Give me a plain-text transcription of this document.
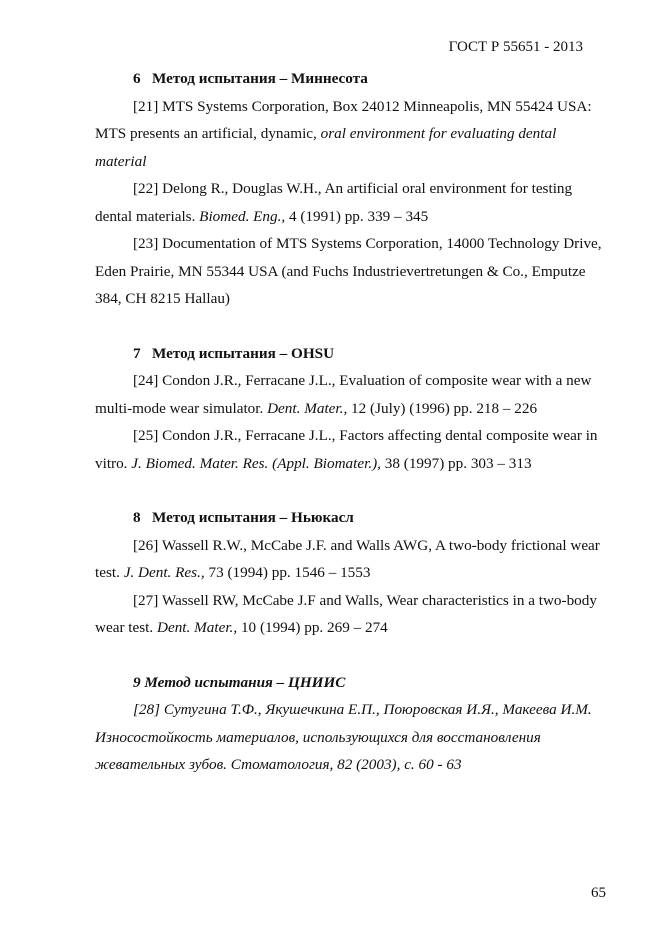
ГОСТ Р 55651 - 2013

6 Метод испытания – Миннесота

[21] MTS Systems Corporation, Box 24012 Minneapolis, MN 55424 USA: MTS presents an artificial, dynamic, oral environment for evaluating dental material

[22] Delong R., Douglas W.H., An artificial oral environment for testing dental materials. Biomed. Eng., 4 (1991) pp. 339 – 345

[23] Documentation of MTS Systems Corporation, 14000 Technology Drive, Eden Prairie, MN 55344 USA (and Fuchs Industrievertretungen & Co., Emputze 384, CH 8215 Hallau)

7 Метод испытания – OHSU

[24] Condon J.R., Ferracane J.L., Evaluation of composite wear with a new multi-mode wear simulator. Dent. Mater., 12 (July) (1996) pp. 218 – 226

[25] Condon J.R., Ferracane J.L., Factors affecting dental composite wear in vitro. J. Biomed. Mater. Res. (Appl. Biomater.), 38 (1997) pp. 303 – 313

8 Метод испытания – Ньюкасл

[26] Wassell R.W., McCabe J.F. and Walls AWG, A two-body frictional wear test. J. Dent. Res., 73 (1994) pp. 1546 – 1553

[27] Wassell RW, McCabe J.F and Walls, Wear characteristics in a two-body wear test. Dent. Mater., 10 (1994) pp. 269 – 274

9 Метод испытания – ЦНИИС

[28] Сутугина Т.Ф., Якушечкина Е.П., Поюровская И.Я., Макеева И.М. Износостойкость материалов, использующихся для восстановления жевательных зубов. Стоматология, 82 (2003), с. 60 - 63

65
